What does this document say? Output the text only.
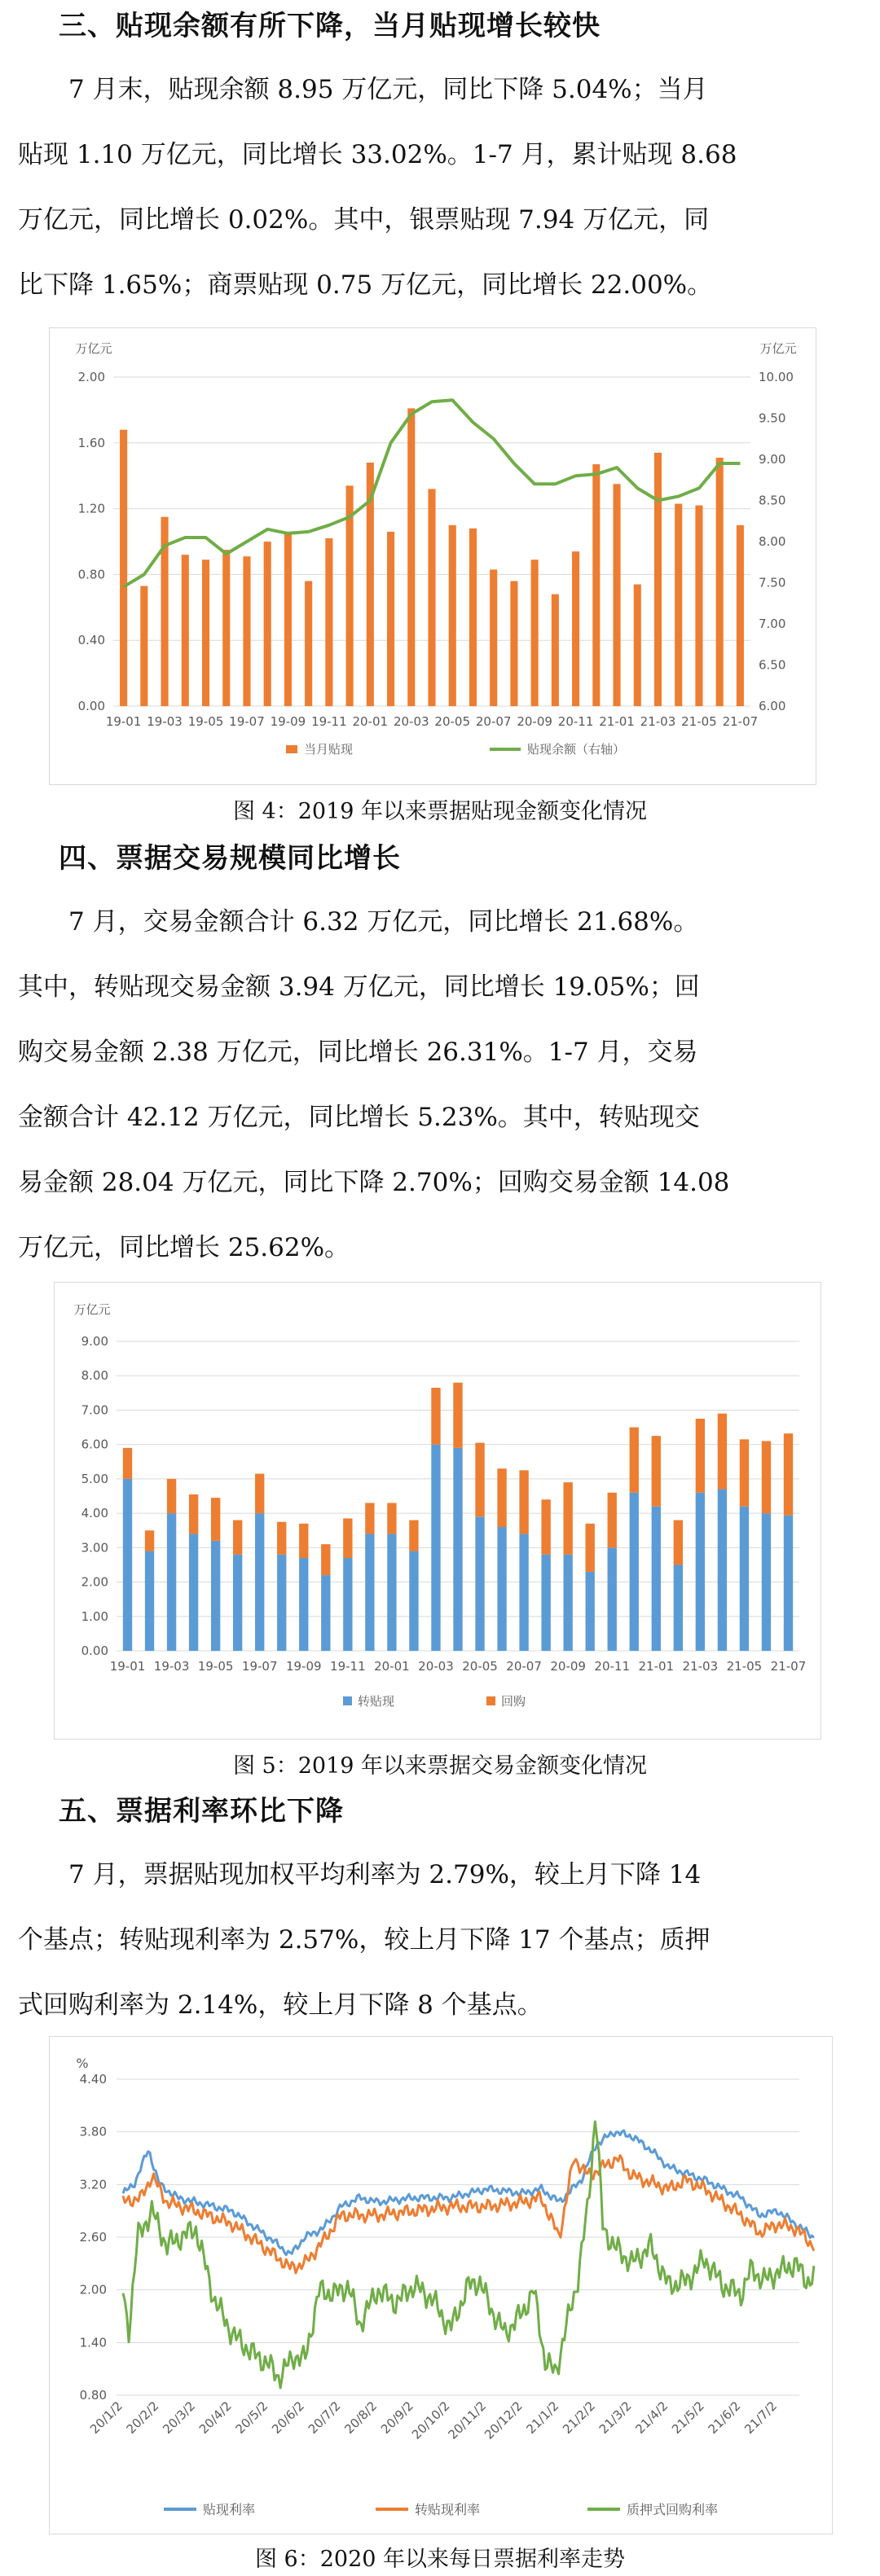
三、贴现余额有所下降，当月贴现增长较快
　　7 月末，贴现余额 8.95 万亿元，同比下降 5.04%；当月
贴现 1.10 万亿元，同比增长 33.02%。1-7 月，累计贴现 8.68
万亿元，同比增长 0.02%。其中，银票贴现 7.94 万亿元，同
比下降 1.65%；商票贴现 0.75 万亿元，同比增长 22.00%。
万亿元	万亿元
0.00
0.40
0.80
1.20
1.60
2.00
6.00
6.50
7.00
7.50
8.00
8.50
9.00
9.50
10.00
19-01 19-03 19-05 19-07 19-09 19-11 20-01 20-03 20-05 20-07 20-09 20-11 21-01 21-03 21-05 21-07
当月贴现	贴现余额（右轴）
图 4：2019 年以来票据贴现金额变化情况
四、票据交易规模同比增长
　　7 月，交易金额合计 6.32 万亿元，同比增长 21.68%。
其中，转贴现交易金额 3.94 万亿元，同比增长 19.05%；回
购交易金额 2.38 万亿元，同比增长 26.31%。1-7 月，交易
金额合计 42.12 万亿元，同比增长 5.23%。其中，转贴现交
易金额 28.04 万亿元，同比下降 2.70%；回购交易金额 14.08
万亿元，同比增长 25.62%。
万亿元
0.00
1.00
2.00
3.00
4.00
5.00
6.00
7.00
8.00
9.00
19-01 19-03 19-05 19-07 19-09 19-11 20-01 20-03 20-05 20-07 20-09 20-11 21-01 21-03 21-05 21-07
转贴现	回购
图 5：2019 年以来票据交易金额变化情况
五、票据利率环比下降
　　7 月，票据贴现加权平均利率为 2.79%，较上月下降 14
个基点；转贴现利率为 2.57%，较上月下降 17 个基点；质押
式回购利率为 2.14%，较上月下降 8 个基点。
%
0.80
1.40
2.00
2.60
3.20
3.80
4.40
20/1/2
20/2/2
20/3/2
20/4/2
20/5/2
20/6/2
20/7/2
20/8/2
20/9/2
20/10/2
20/11/2
20/12/2
21/1/2
21/2/2
21/3/2
21/4/2
21/5/2
21/6/2
21/7/2
贴现利率	转贴现利率	质押式回购利率
图 6：2020 年以来每日票据利率走势
